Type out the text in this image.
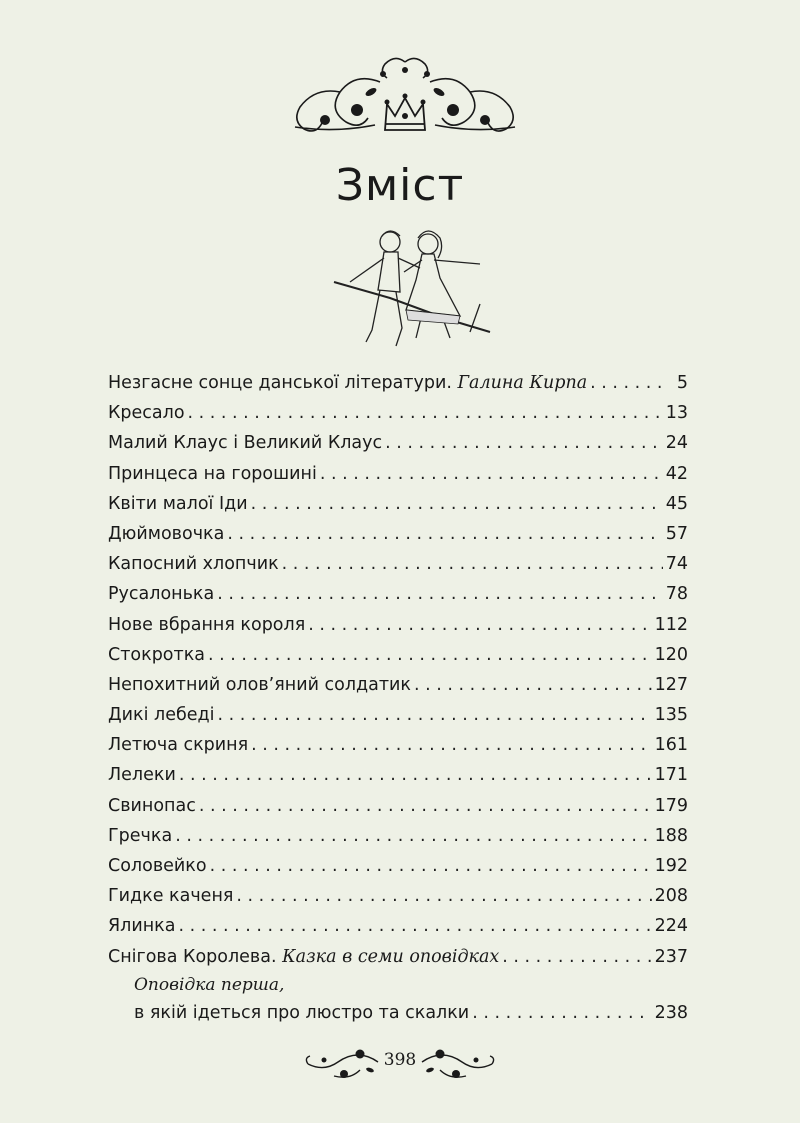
Зміст
Незгасне сонце данської літератури. Галина Кирпа . . .	5
Кресало . . .	13
Малий Клаус і Великий Клаус . . .	24
Принцеса на горошині . . .	42
Квіти малої Іди . . .	45
Дюймовочка . . .	57
Капосний хлопчик . . .	74
Русалонька . . .	78
Нове вбрання короля . . .	112
Стокротка . . .	120
Непохитний олов’яний солдатик . . .	127
Дикі лебеді . . .	135
Летюча скриня . . .	161
Лелеки . . .	171
Свинопас . . .	179
Гречка . . .	188
Соловейко . . .	192
Гидке каченя . . .	208
Ялинка . . .	224
Снігова Королева. Казка в семи оповідках . . .	237
Оповідка перша,
в якій ідеться про люстро та скалки . . .	238
398
